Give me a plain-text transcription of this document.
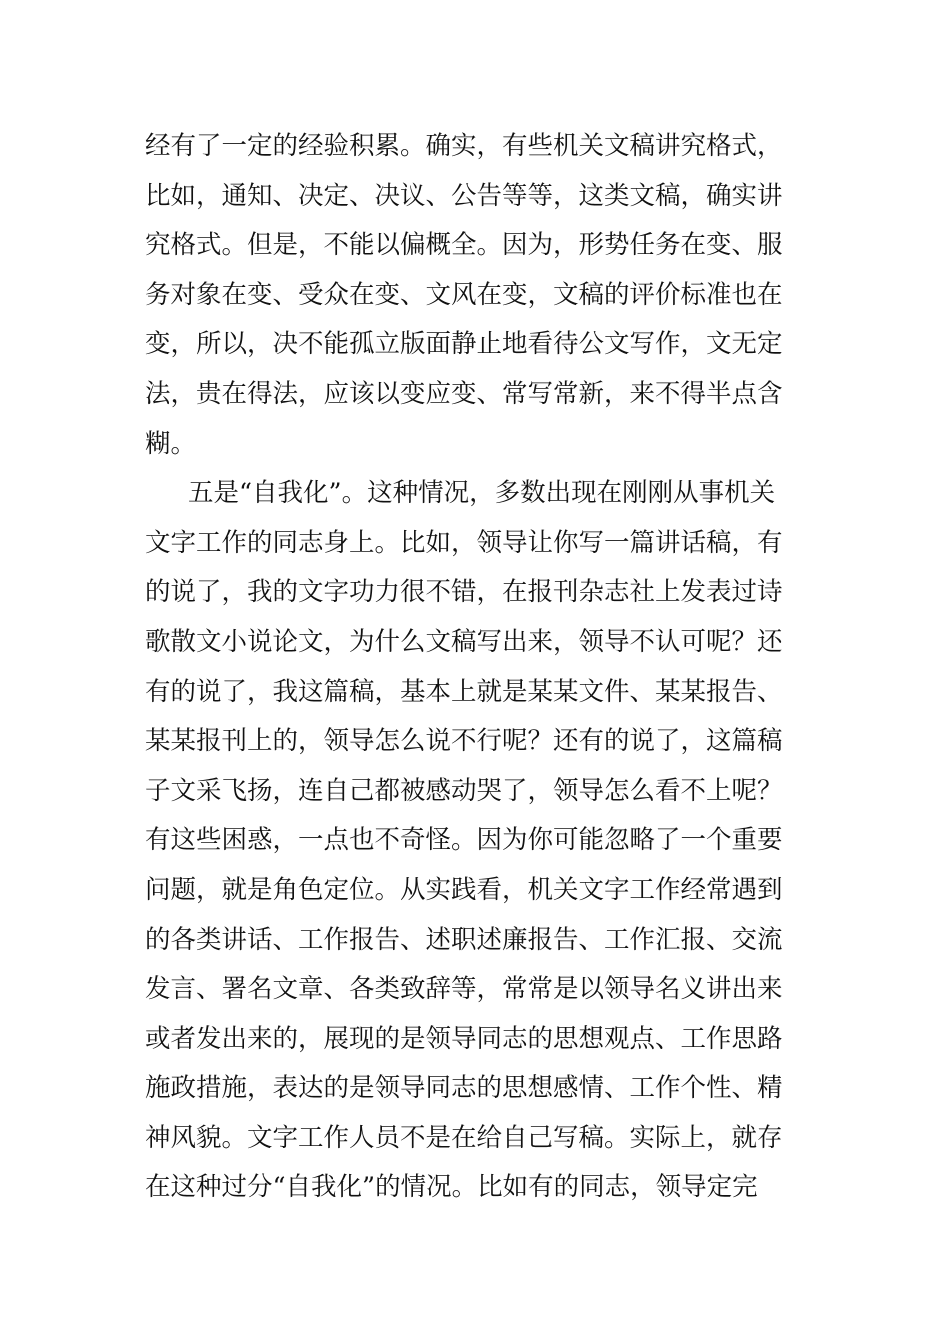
经有了一定的经验积累。确实，有些机关文稿讲究格式，
比如，通知、决定、决议、公告等等，这类文稿，确实讲
究格式。但是，不能以偏概全。因为，形势任务在变、服
务对象在变、受众在变、文风在变，文稿的评价标准也在
变，所以，决不能孤立版面静止地看待公文写作，文无定
法，贵在得法，应该以变应变、常写常新，来不得半点含
糊。
五是“自我化”。这种情况，多数出现在刚刚从事机关
文字工作的同志身上。比如，领导让你写一篇讲话稿，有
的说了，我的文字功力很不错，在报刊杂志社上发表过诗
歌散文小说论文，为什么文稿写出来，领导不认可呢？还
有的说了，我这篇稿，基本上就是某某文件、某某报告、
某某报刊上的，领导怎么说不行呢？还有的说了，这篇稿
子文采飞扬，连自己都被感动哭了，领导怎么看不上呢？
有这些困惑，一点也不奇怪。因为你可能忽略了一个重要
问题，就是角色定位。从实践看，机关文字工作经常遇到
的各类讲话、工作报告、述职述廉报告、工作汇报、交流
发言、署名文章、各类致辞等，常常是以领导名义讲出来
或者发出来的，展现的是领导同志的思想观点、工作思路
施政措施，表达的是领导同志的思想感情、工作个性、精
神风貌。文字工作人员不是在给自己写稿。实际上，就存
在这种过分“自我化”的情况。比如有的同志，领导定完
